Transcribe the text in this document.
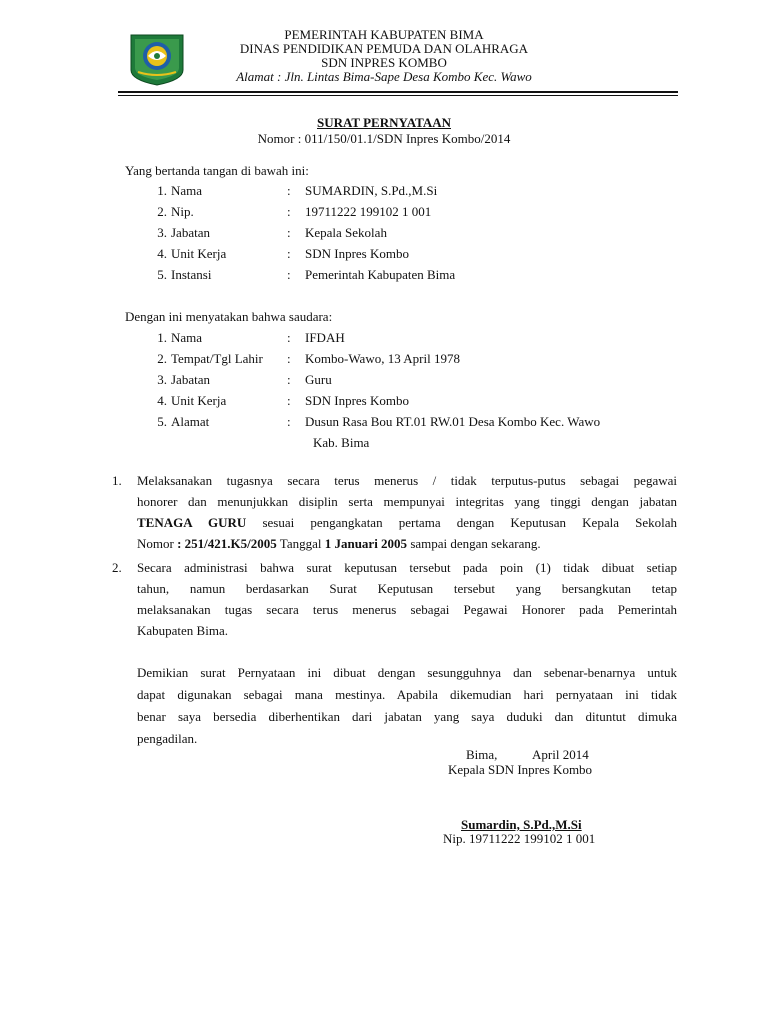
PEMERINTAH KABUPATEN BIMA
DINAS PENDIDIKAN PEMUDA DAN OLAHRAGA
SDN INPRES KOMBO
Alamat : Jln. Lintas Bima-Sape Desa Kombo Kec. Wawo
SURAT PERNYATAAN
Nomor : 011/150/01.1/SDN Inpres Kombo/2014
Yang bertanda tangan di bawah ini:
1. Nama	: SUMARDIN, S.Pd.,M.Si
2. Nip.	: 19711222 199102 1 001
3. Jabatan	: Kepala Sekolah
4. Unit Kerja	: SDN Inpres Kombo
5. Instansi	: Pemerintah Kabupaten Bima
Dengan ini menyatakan bahwa saudara:
1. Nama	: IFDAH
2. Tempat/Tgl Lahir : Kombo-Wawo, 13 April 1978
3. Jabatan	: Guru
4. Unit Kerja	: SDN Inpres Kombo
5. Alamat	: Dusun Rasa Bou RT.01 RW.01 Desa Kombo Kec. Wawo
Kab. Bima
1. Melaksanakan tugasnya secara terus menerus / tidak terputus-putus sebagai pegawai
honorer dan menunjukkan disiplin serta mempunyai integritas yang tinggi dengan jabatan
TENAGA GURU sesuai pengangkatan pertama dengan Keputusan Kepala Sekolah
Nomor : 251/421.K5/2005 Tanggal 1 Januari 2005 sampai dengan sekarang.
2. Secara administrasi bahwa surat keputusan tersebut pada poin (1) tidak dibuat setiap
tahun, namun berdasarkan Surat Keputusan tersebut yang bersangkutan tetap
melaksanakan tugas secara terus menerus sebagai Pegawai Honorer pada Pemerintah
Kabupaten Bima.
Demikian surat Pernyataan ini dibuat dengan sesungguhnya dan sebenar-benarnya untuk
dapat digunakan sebagai mana mestinya. Apabila dikemudian hari pernyataan ini tidak
benar saya bersedia diberhentikan dari jabatan yang saya duduki dan dituntut dimuka
pengadilan.
Bima,	April 2014
Kepala SDN Inpres Kombo
Sumardin, S.Pd.,M.Si
Nip. 19711222 199102 1 001
